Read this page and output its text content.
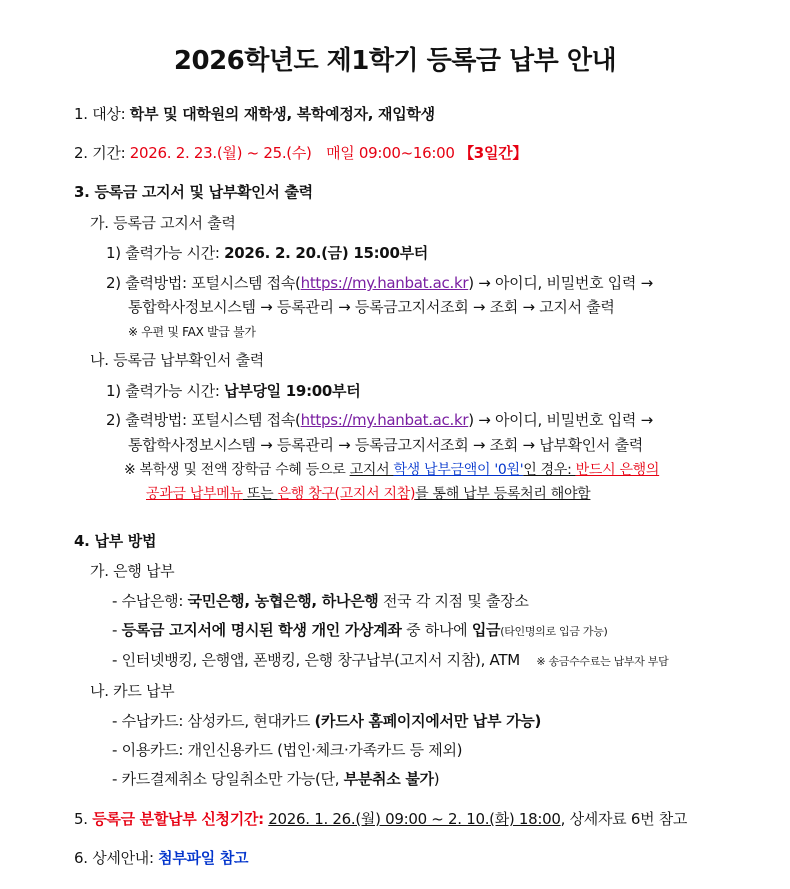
2026학년도 제1학기 등록금 납부 안내
1. 대상: 학부 및 대학원의 재학생, 복학예정자, 재입학생
2. 기간: 2026. 2. 23.(월) ~ 25.(수) 매일 09:00~16:00 【3일간】
3. 등록금 고지서 및 납부확인서 출력
가. 등록금 고지서 출력
1) 출력가능 시간: 2026. 2. 20.(금) 15:00부터
2) 출력방법: 포털시스템 접속(https://my.hanbat.ac.kr) → 아이디, 비밀번호 입력 →
통합학사정보시스템 → 등록관리 → 등록금고지서조회 → 조회 → 고지서 출력
※ 우편 및 FAX 발급 불가
나. 등록금 납부확인서 출력
1) 출력가능 시간: 납부당일 19:00부터
2) 출력방법: 포털시스템 접속(https://my.hanbat.ac.kr) → 아이디, 비밀번호 입력 →
통합학사정보시스템 → 등록관리 → 등록금고지서조회 → 조회 → 납부확인서 출력
※ 복학생 및 전액 장학금 수혜 등으로 고지서 학생 납부금액이 '0원'인 경우: 반드시 은행의
공과금 납부메뉴 또는 은행 창구(고지서 지참)를 통해 납부 등록처리 해야함
4. 납부 방법
가. 은행 납부
- 수납은행: 국민은행, 농협은행, 하나은행 전국 각 지점 및 출장소
- 등록금 고지서에 명시된 학생 개인 가상계좌 중 하나에 입금(타인명의로 입금 가능)
- 인터넷뱅킹, 은행앱, 폰뱅킹, 은행 창구납부(고지서 지참), ATM ※ 송금수수료는 납부자 부담
나. 카드 납부
- 수납카드: 삼성카드, 현대카드 (카드사 홈페이지에서만 납부 가능)
- 이용카드: 개인신용카드 (법인·체크·가족카드 등 제외)
- 카드결제취소 당일취소만 가능(단, 부분취소 불가)
5. 등록금 분할납부 신청기간: 2026. 1. 26.(월) 09:00 ~ 2. 10.(화) 18:00, 상세자료 6번 참고
6. 상세안내: 첨부파일 참고
